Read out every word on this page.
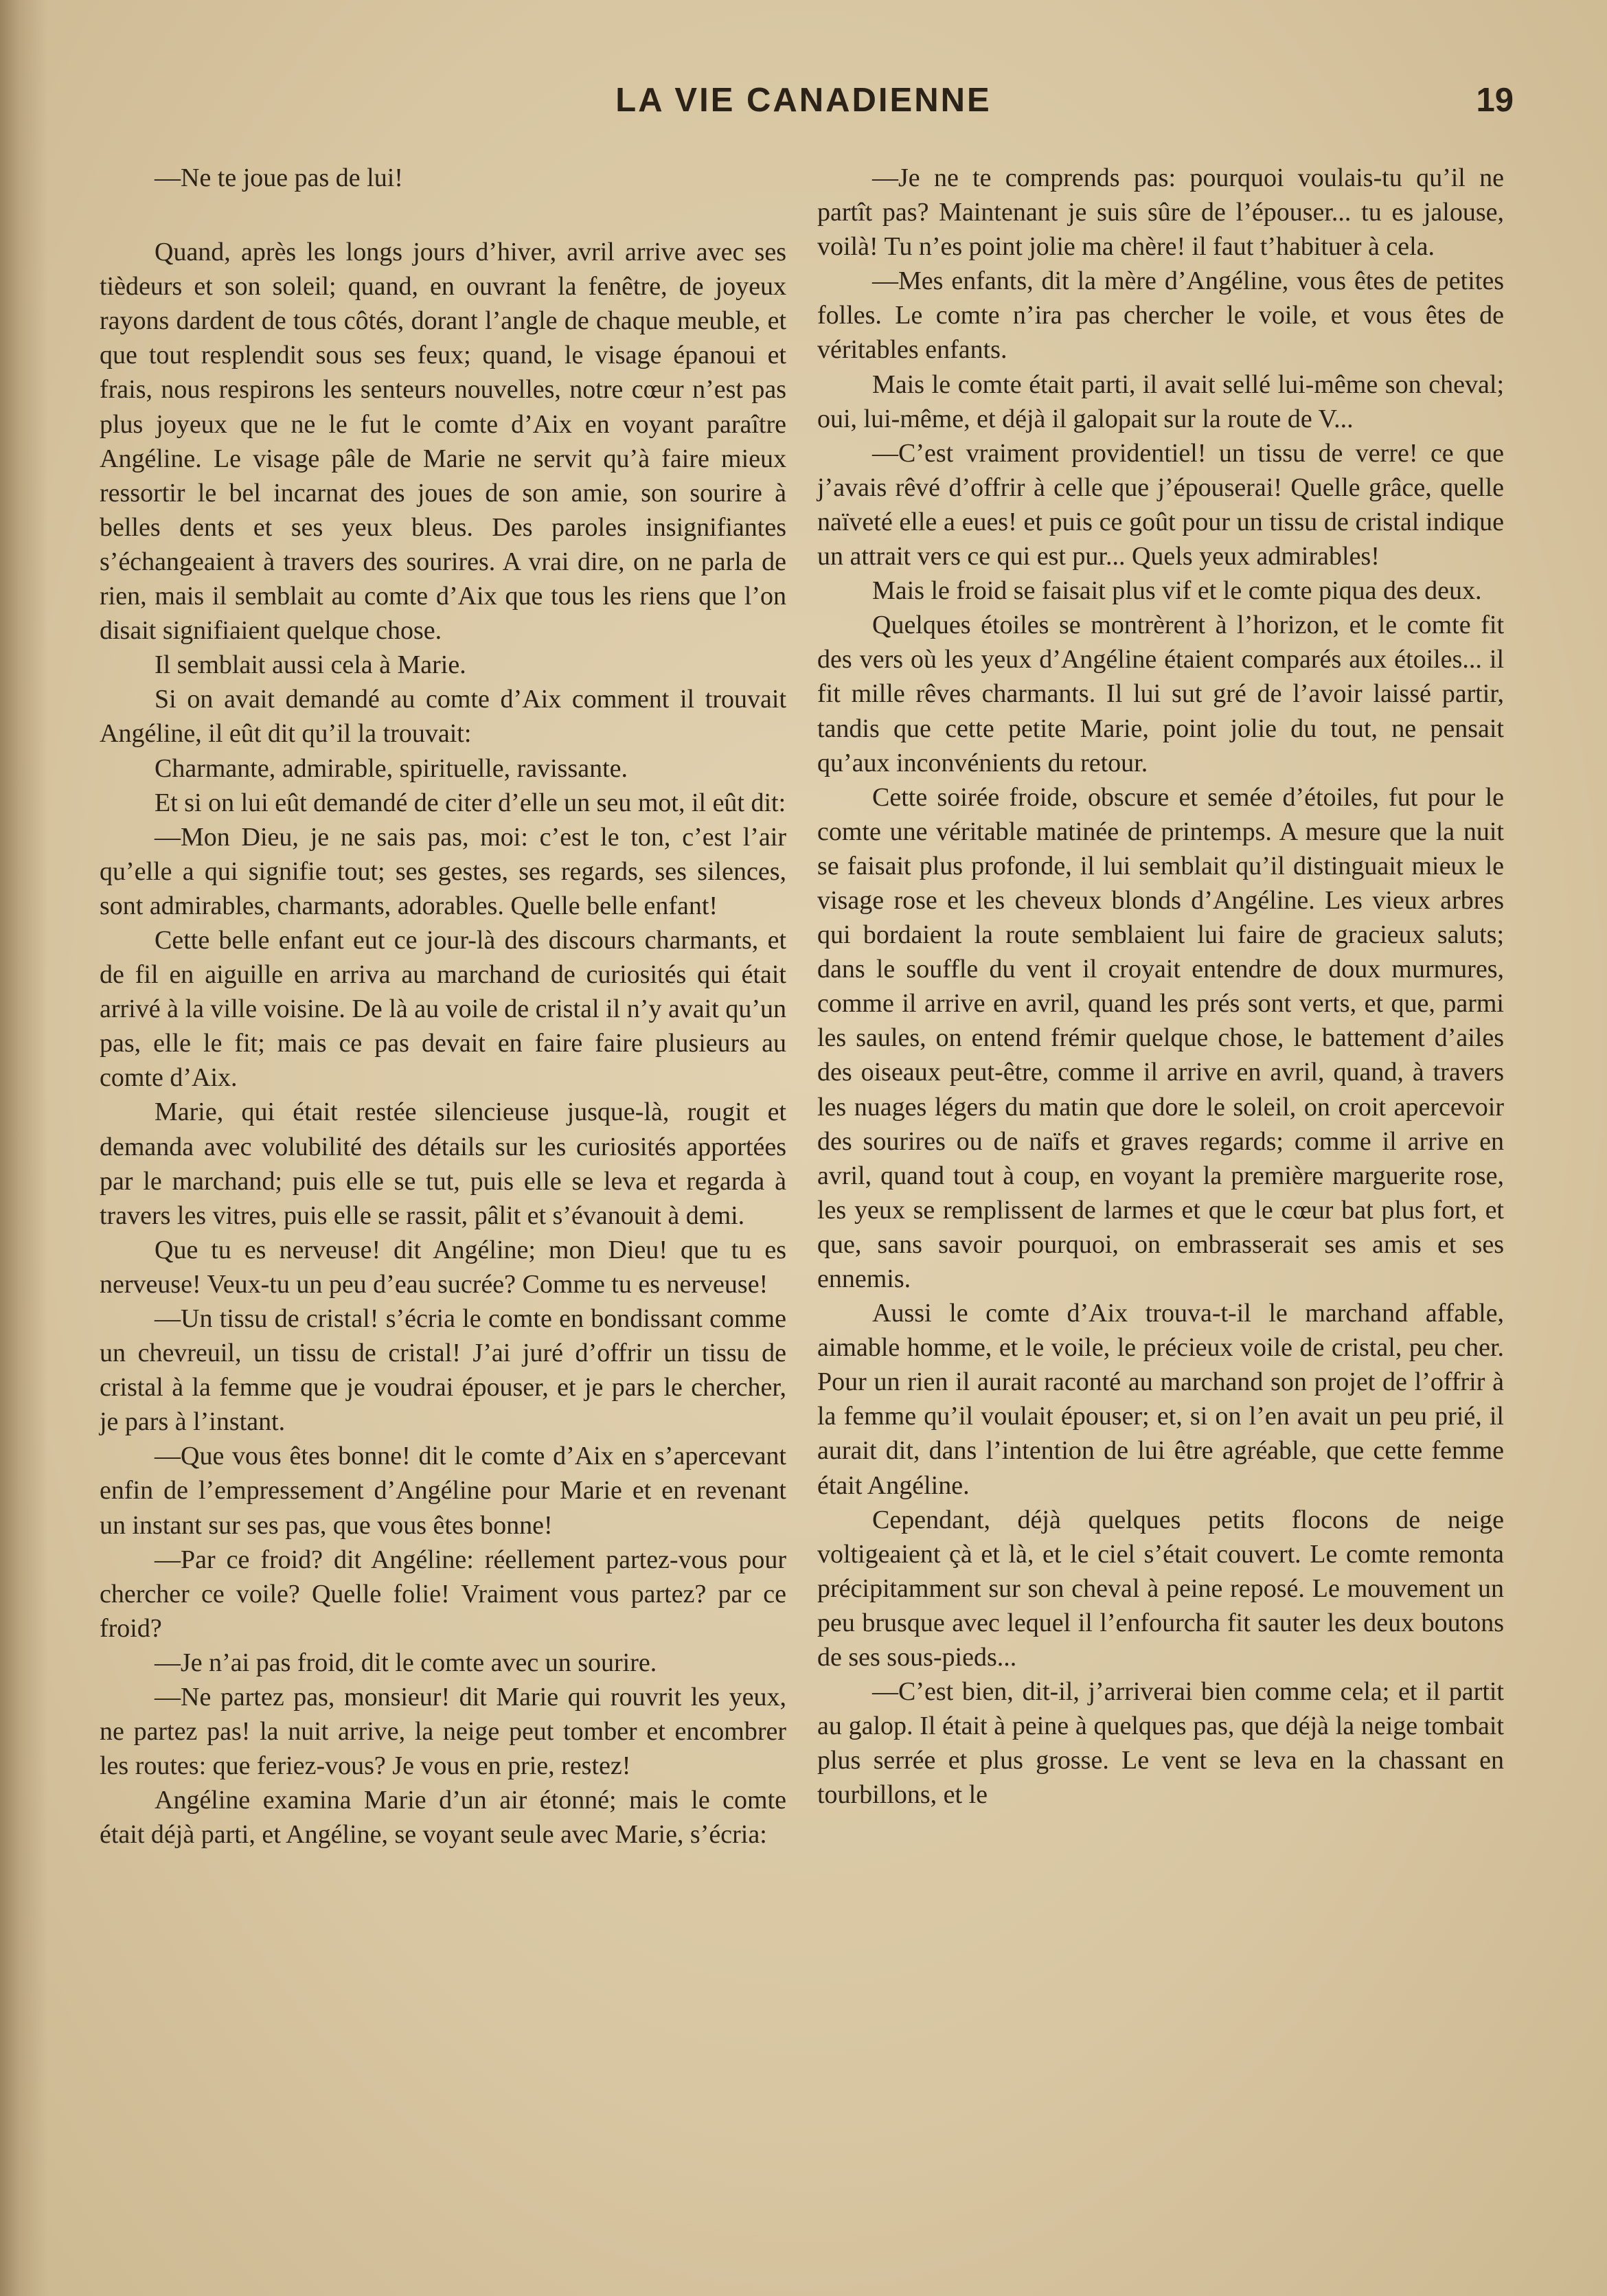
LA VIE CANADIENNE	19

—Ne te joue pas de lui!

Quand, après les longs jours d’hiver, avril arrive avec ses tièdeurs et son soleil; quand, en ouvrant la fenêtre, de joyeux rayons dardent de tous côtés, dorant l’angle de chaque meuble, et que tout resplendit sous ses feux; quand, le visage épanoui et frais, nous respirons les senteurs nouvelles, notre cœur n’est pas plus joyeux que ne le fut le comte d’Aix en voyant paraître Angéline. Le visage pâle de Marie ne servit qu’à faire mieux ressortir le bel incarnat des joues de son amie, son sourire à belles dents et ses yeux bleus. Des paroles insignifiantes s’échangeaient à travers des sourires. A vrai dire, on ne parla de rien, mais il semblait au comte d’Aix que tous les riens que l’on disait signifiaient quelque chose.

Il semblait aussi cela à Marie.

Si on avait demandé au comte d’Aix comment il trouvait Angéline, il eût dit qu’il la trouvait:

Charmante, admirable, spirituelle, ravissante.

Et si on lui eût demandé de citer d’elle un seu mot, il eût dit:

—Mon Dieu, je ne sais pas, moi: c’est le ton, c’est l’air qu’elle a qui signifie tout; ses gestes, ses regards, ses silences, sont admirables, charmants, adorables. Quelle belle enfant!

Cette belle enfant eut ce jour-là des discours charmants, et de fil en aiguille en arriva au marchand de curiosités qui était arrivé à la ville voisine. De là au voile de cristal il n’y avait qu’un pas, elle le fit; mais ce pas devait en faire faire plusieurs au comte d’Aix.

Marie, qui était restée silencieuse jusque-là, rougit et demanda avec volubilité des détails sur les curiosités apportées par le marchand; puis elle se tut, puis elle se leva et regarda à travers les vitres, puis elle se rassit, pâlit et s’évanouit à demi.

Que tu es nerveuse! dit Angéline; mon Dieu! que tu es nerveuse! Veux-tu un peu d’eau sucrée? Comme tu es nerveuse!

—Un tissu de cristal! s’écria le comte en bondissant comme un chevreuil, un tissu de cristal! J’ai juré d’offrir un tissu de cristal à la femme que je voudrai épouser, et je pars le chercher, je pars à l’instant.

—Que vous êtes bonne! dit le comte d’Aix en s’apercevant enfin de l’empressement d’Angéline pour Marie et en revenant un instant sur ses pas, que vous êtes bonne!

—Par ce froid? dit Angéline: réellement partez-vous pour chercher ce voile? Quelle folie! Vraiment vous partez? par ce froid?

—Je n’ai pas froid, dit le comte avec un sourire.

—Ne partez pas, monsieur! dit Marie qui rouvrit les yeux, ne partez pas! la nuit arrive, la neige peut tomber et encombrer les routes: que feriez-vous? Je vous en prie, restez!

Angéline examina Marie d’un air étonné; mais le comte était déjà parti, et Angéline, se voyant seule avec Marie, s’écria:

—Je ne te comprends pas: pourquoi voulais-tu qu’il ne partît pas? Maintenant je suis sûre de l’épouser... tu es jalouse, voilà! Tu n’es point jolie ma chère! il faut t’habituer à cela.

—Mes enfants, dit la mère d’Angéline, vous êtes de petites folles. Le comte n’ira pas chercher le voile, et vous êtes de véritables enfants.

Mais le comte était parti, il avait sellé lui-même son cheval; oui, lui-même, et déjà il galopait sur la route de V...

—C’est vraiment providentiel! un tissu de verre! ce que j’avais rêvé d’offrir à celle que j’épouserai! Quelle grâce, quelle naïveté elle a eues! et puis ce goût pour un tissu de cristal indique un attrait vers ce qui est pur... Quels yeux admirables!

Mais le froid se faisait plus vif et le comte piqua des deux.

Quelques étoiles se montrèrent à l’horizon, et le comte fit des vers où les yeux d’Angéline étaient comparés aux étoiles... il fit mille rêves charmants. Il lui sut gré de l’avoir laissé partir, tandis que cette petite Marie, point jolie du tout, ne pensait qu’aux inconvénients du retour.

Cette soirée froide, obscure et semée d’étoiles, fut pour le comte une véritable matinée de printemps. A mesure que la nuit se faisait plus profonde, il lui semblait qu’il distinguait mieux le visage rose et les cheveux blonds d’Angéline. Les vieux arbres qui bordaient la route semblaient lui faire de gracieux saluts; dans le souffle du vent il croyait entendre de doux murmures, comme il arrive en avril, quand les prés sont verts, et que, parmi les saules, on entend frémir quelque chose, le battement d’ailes des oiseaux peut-être, comme il arrive en avril, quand, à travers les nuages légers du matin que dore le soleil, on croit apercevoir des sourires ou de naïfs et graves regards; comme il arrive en avril, quand tout à coup, en voyant la première marguerite rose, les yeux se remplissent de larmes et que le cœur bat plus fort, et que, sans savoir pourquoi, on embrasserait ses amis et ses ennemis.

Aussi le comte d’Aix trouva-t-il le marchand affable, aimable homme, et le voile, le précieux voile de cristal, peu cher. Pour un rien il aurait raconté au marchand son projet de l’offrir à la femme qu’il voulait épouser; et, si on l’en avait un peu prié, il aurait dit, dans l’intention de lui être agréable, que cette femme était Angéline.

Cependant, déjà quelques petits flocons de neige voltigeaient çà et là, et le ciel s’était couvert. Le comte remonta précipitamment sur son cheval à peine reposé. Le mouvement un peu brusque avec lequel il l’enfourcha fit sauter les deux boutons de ses sous-pieds...

—C’est bien, dit-il, j’arriverai bien comme cela; et il partit au galop. Il était à peine à quelques pas, que déjà la neige tombait plus serrée et plus grosse. Le vent se leva en la chassant en tourbillons, et le
